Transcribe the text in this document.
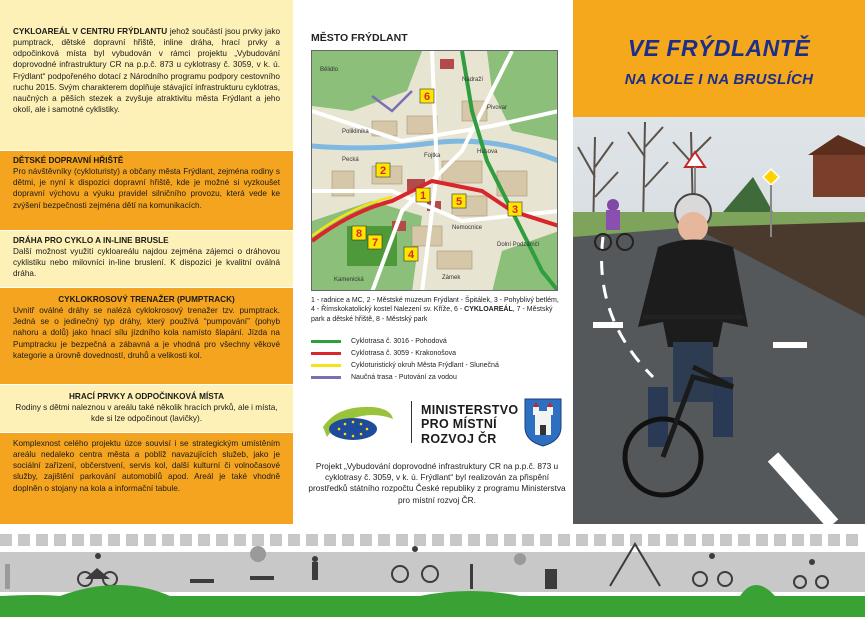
CYKLOAREÁL V CENTRU FRÝDLANTU jehož součástí jsou prvky jako pumptrack, dětské dopravní hřiště, inline dráha, hrací prvky a odpočinková místa byl vybudován v rámci projektu „Vybudování doprovodné infrastruktury CR na p.p.č. 873 u cyklotrasy č. 3059, v k. ú. Frýdlant“ podpořeného dotací z Národního programu podpory cestovního ruchu 2015. Svým charakterem doplňuje stávající infrastrukturu cyklotras, naučných a pěších stezek a zvyšuje atraktivitu města Frýdlant a jeho okolí, ale i samotné cyklistiky.

DĚTSKÉ DOPRAVNÍ HŘIŠTĚ

Pro návštěvníky (cykloturisty) a občany města Frýdlant, zejména rodiny s dětmi, je nyní k dispozici dopravní hřiště, kde je možné si vyzkoušet dopravní výchovu a výuku pravidel silničního provozu, která vede ke zvýšení bezpečnosti zejména dětí na komunikacích.

DRÁHA PRO CYKLO A IN-LINE BRUSLE

Další možnost využití cykloareálu najdou zejména zájemci o dráhovou cyklistiku nebo milovníci in-line bruslení. K dispozici je kvalitní oválná dráha.

CYKLOKROSOVÝ TRENAŽER (PUMPTRACK)

Uvnitř oválné dráhy se nalézá cyklokrosový trenažer tzv. pumptrack. Jedná se o jedinečný typ dráhy, který používá “pumpování” (pohyb nahoru a dolů) jako hnací sílu jízdního kola namísto šlapání. Jízda na Pumptracku je bezpečná a zábavná a je vhodná pro všechny věkové kategorie a úrovně dovedností, druhů a velikosti kol.

HRACÍ PRVKY A ODPOČINKOVÁ MÍSTA

Rodiny s dětmi naleznou v areálu také několik hracích prvků, ale i místa, kde si lze odpočinout (lavičky).

Komplexnost celého projektu úzce souvisí i se strategickým umístěním areálu nedaleko centra města a poblíž navazujících služeb, jako je sociální zařízení, občerstvení, servis kol, další kulturní či volnočasové služby, zajištění parkování automobilů apod. Areál je také vhodně doplněn o stojany na kola a informační tabule.

MĚSTO FRÝDLANT
1
2
3
4
5
6
7
8
Pecká
Fojtka
Poliklinika
Nádraží
Nemocnice
Husova
Pivovar
Dolní Podzámčí
Kamenická	Zámek
Bělidlo
1 - radnice a MC, 2 - Městské muzeum Frýdlant - Špitálek, 3 - Pohyblivý betlém, 4 - Římskokatolický kostel Nalezení sv. Kříže, 6 - CYKLOAREÁL, 7 - Městský park a dětské hřiště, 8 - Městský park
Cyklotrasa č. 3016 - Pohodová
Cyklotrasa č. 3059 - Krakonošova
Cykloturistický okruh Města Frýdlant - Slunečná
Naučná trasa - Putování za vodou
MINISTERSTVO
PRO MÍSTNÍ
ROZVOJ ČR
Projekt „Vybudování doprovodné infrastruktury CR na p.p.č. 873 u cyklotrasy č. 3059, v k. ú. Frýdlant“ byl realizován za přispění prostředků státního rozpočtu České republiky z programu Ministerstva pro místní rozvoj ČR.
VE FRÝDLANTĚ
NA KOLE I NA BRUSLÍCH
